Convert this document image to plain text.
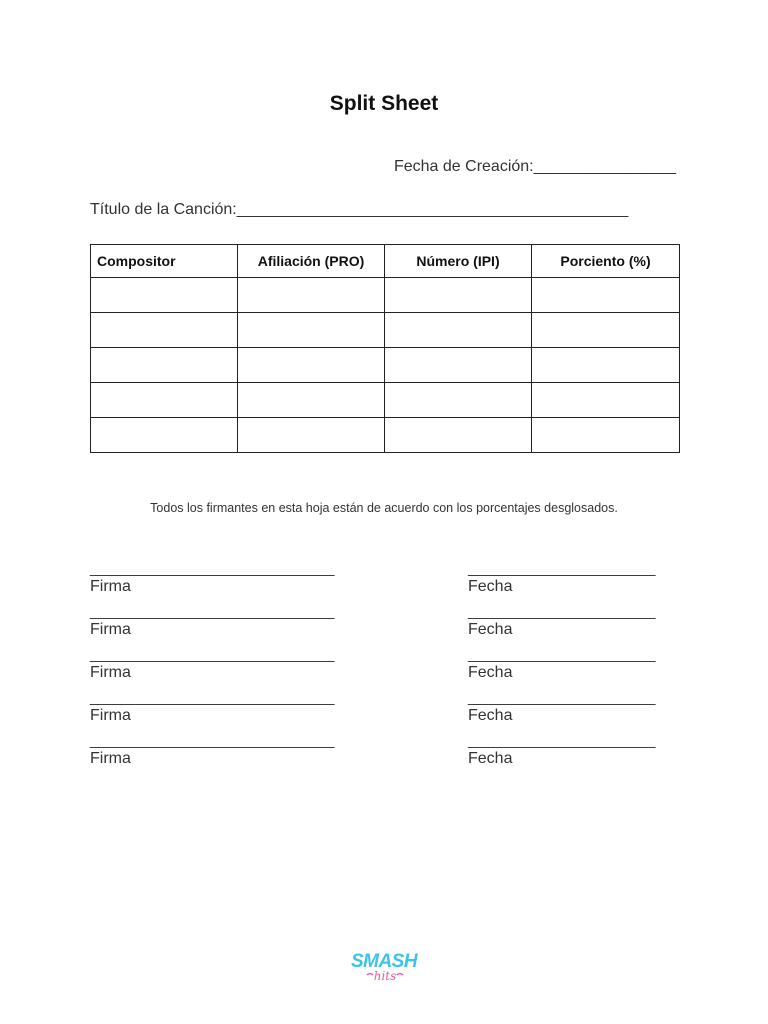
Split Sheet
Fecha de Creación:________________
Título de la Canción:____________________________________________
Compositor	Afiliación (PRO)	Número (IPI)	Porciento (%)

Todos los firmantes en esta hoja están de acuerdo con los porcentajes desglosados.
______________________________
Firma
_______________________
Fecha
______________________________
Firma
_______________________
Fecha
______________________________
Firma
_______________________
Fecha
______________________________
Firma
_______________________
Fecha
______________________________
Firma
_______________________
Fecha
SMASH
hits
